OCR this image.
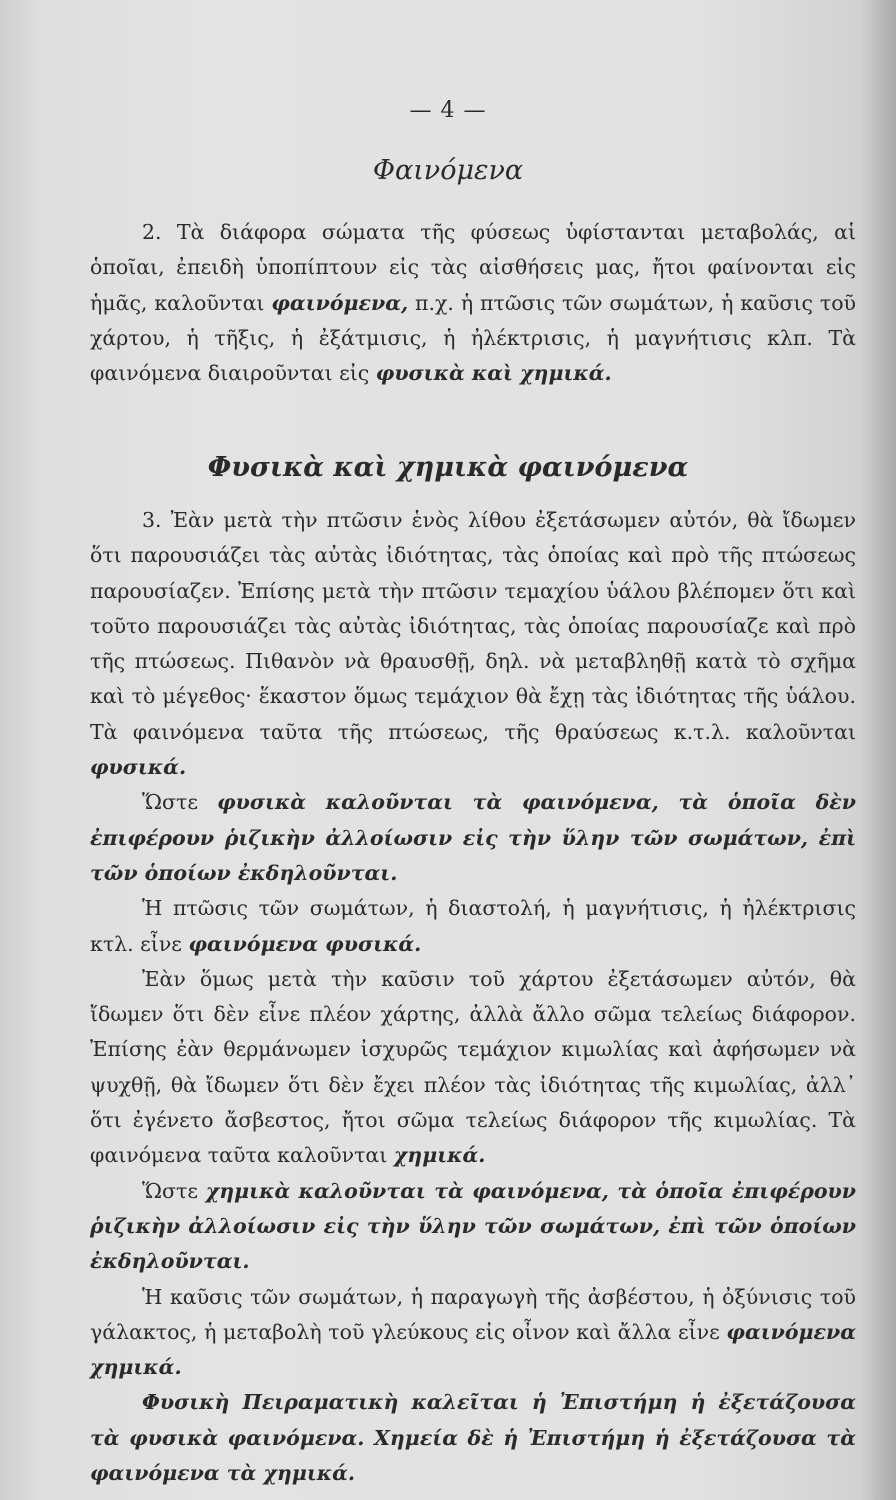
— 4 —
Φαινόμενα

2. Τὰ διάφορα σώματα τῆς φύσεως ὑφίστανται μεταβολάς, αἱ ὁποῖαι, ἐπειδὴ ὑποπίπτουν εἰς τὰς αἰσθήσεις μας, ἤτοι φαίνονται εἰς ἡμᾶς, καλοῦνται φαινόμενα, π.χ. ἡ πτῶσις τῶν σωμάτων, ἡ καῦσις τοῦ χάρτου, ἡ τῆξις, ἡ ἐξάτμισις, ἡ ἠλέκτρισις, ἡ μαγνήτισις κλπ. Τὰ φαινόμενα διαιροῦνται εἰς φυσικὰ καὶ χημικά.

Φυσικὰ καὶ χημικὰ φαινόμενα

3. Ἐὰν μετὰ τὴν πτῶσιν ἑνὸς λίθου ἐξετάσωμεν αὐτόν, θὰ ἴδωμεν ὅτι παρουσιάζει τὰς αὐτὰς ἰδιότητας, τὰς ὁποίας καὶ πρὸ τῆς πτώσεως παρουσίαζεν. Ἐπίσης μετὰ τὴν πτῶσιν τεμαχίου ὑάλου βλέπομεν ὅτι καὶ τοῦτο παρουσιάζει τὰς αὐτὰς ἰδιότητας, τὰς ὁποίας παρουσίαζε καὶ πρὸ τῆς πτώσεως. Πιθανὸν νὰ θραυσθῇ, δηλ. νὰ μεταβληθῇ κατὰ τὸ σχῆμα καὶ τὸ μέγεθος· ἕκαστον ὅμως τεμάχιον θὰ ἔχῃ τὰς ἰδιότητας τῆς ὑάλου. Τὰ φαινόμενα ταῦτα τῆς πτώσεως, τῆς θραύσεως κ.τ.λ. καλοῦνται φυσικά.

Ὥστε φυσικὰ καλοῦνται τὰ φαινόμενα, τὰ ὁποῖα δὲν ἐπιφέρουν ῥιζικὴν ἀλλοίωσιν εἰς τὴν ὕλην τῶν σωμάτων, ἐπὶ τῶν ὁποίων ἐκδηλοῦνται.

Ἡ πτῶσις τῶν σωμάτων, ἡ διαστολή, ἡ μαγνήτισις, ἡ ἠλέκτρισις κτλ. εἶνε φαινόμενα φυσικά.

Ἐὰν ὅμως μετὰ τὴν καῦσιν τοῦ χάρτου ἐξετάσωμεν αὐτόν, θὰ ἴδωμεν ὅτι δὲν εἶνε πλέον χάρτης, ἀλλὰ ἄλλο σῶμα τελείως διάφορον. Ἐπίσης ἐὰν θερμάνωμεν ἰσχυρῶς τεμάχιον κιμωλίας καὶ ἀφήσωμεν νὰ ψυχθῇ, θὰ ἴδωμεν ὅτι δὲν ἔχει πλέον τὰς ἰδιότητας τῆς κιμωλίας, ἀλλ᾽ ὅτι ἐγένετο ἄσβεστος, ἤτοι σῶμα τελείως διάφορον τῆς κιμωλίας. Τὰ φαινόμενα ταῦτα καλοῦνται χημικά.

Ὥστε χημικὰ καλοῦνται τὰ φαινόμενα, τὰ ὁποῖα ἐπιφέρουν ῥιζικὴν ἀλλοίωσιν εἰς τὴν ὕλην τῶν σωμάτων, ἐπὶ τῶν ὁποίων ἐκδηλοῦνται.

Ἡ καῦσις τῶν σωμάτων, ἡ παραγωγὴ τῆς ἀσβέστου, ἡ ὀξύνισις τοῦ γάλακτος, ἡ μεταβολὴ τοῦ γλεύκους εἰς οἶνον καὶ ἄλλα εἶνε φαινόμενα χημικά.

Φυσικὴ Πειραματικὴ καλεῖται ἡ Ἐπιστήμη ἡ ἐξετάζουσα τὰ φυσικὰ φαινόμενα. Χημεία δὲ ἡ Ἐπιστήμη ἡ ἐξετάζουσα τὰ φαινόμενα τὰ χημικά.
